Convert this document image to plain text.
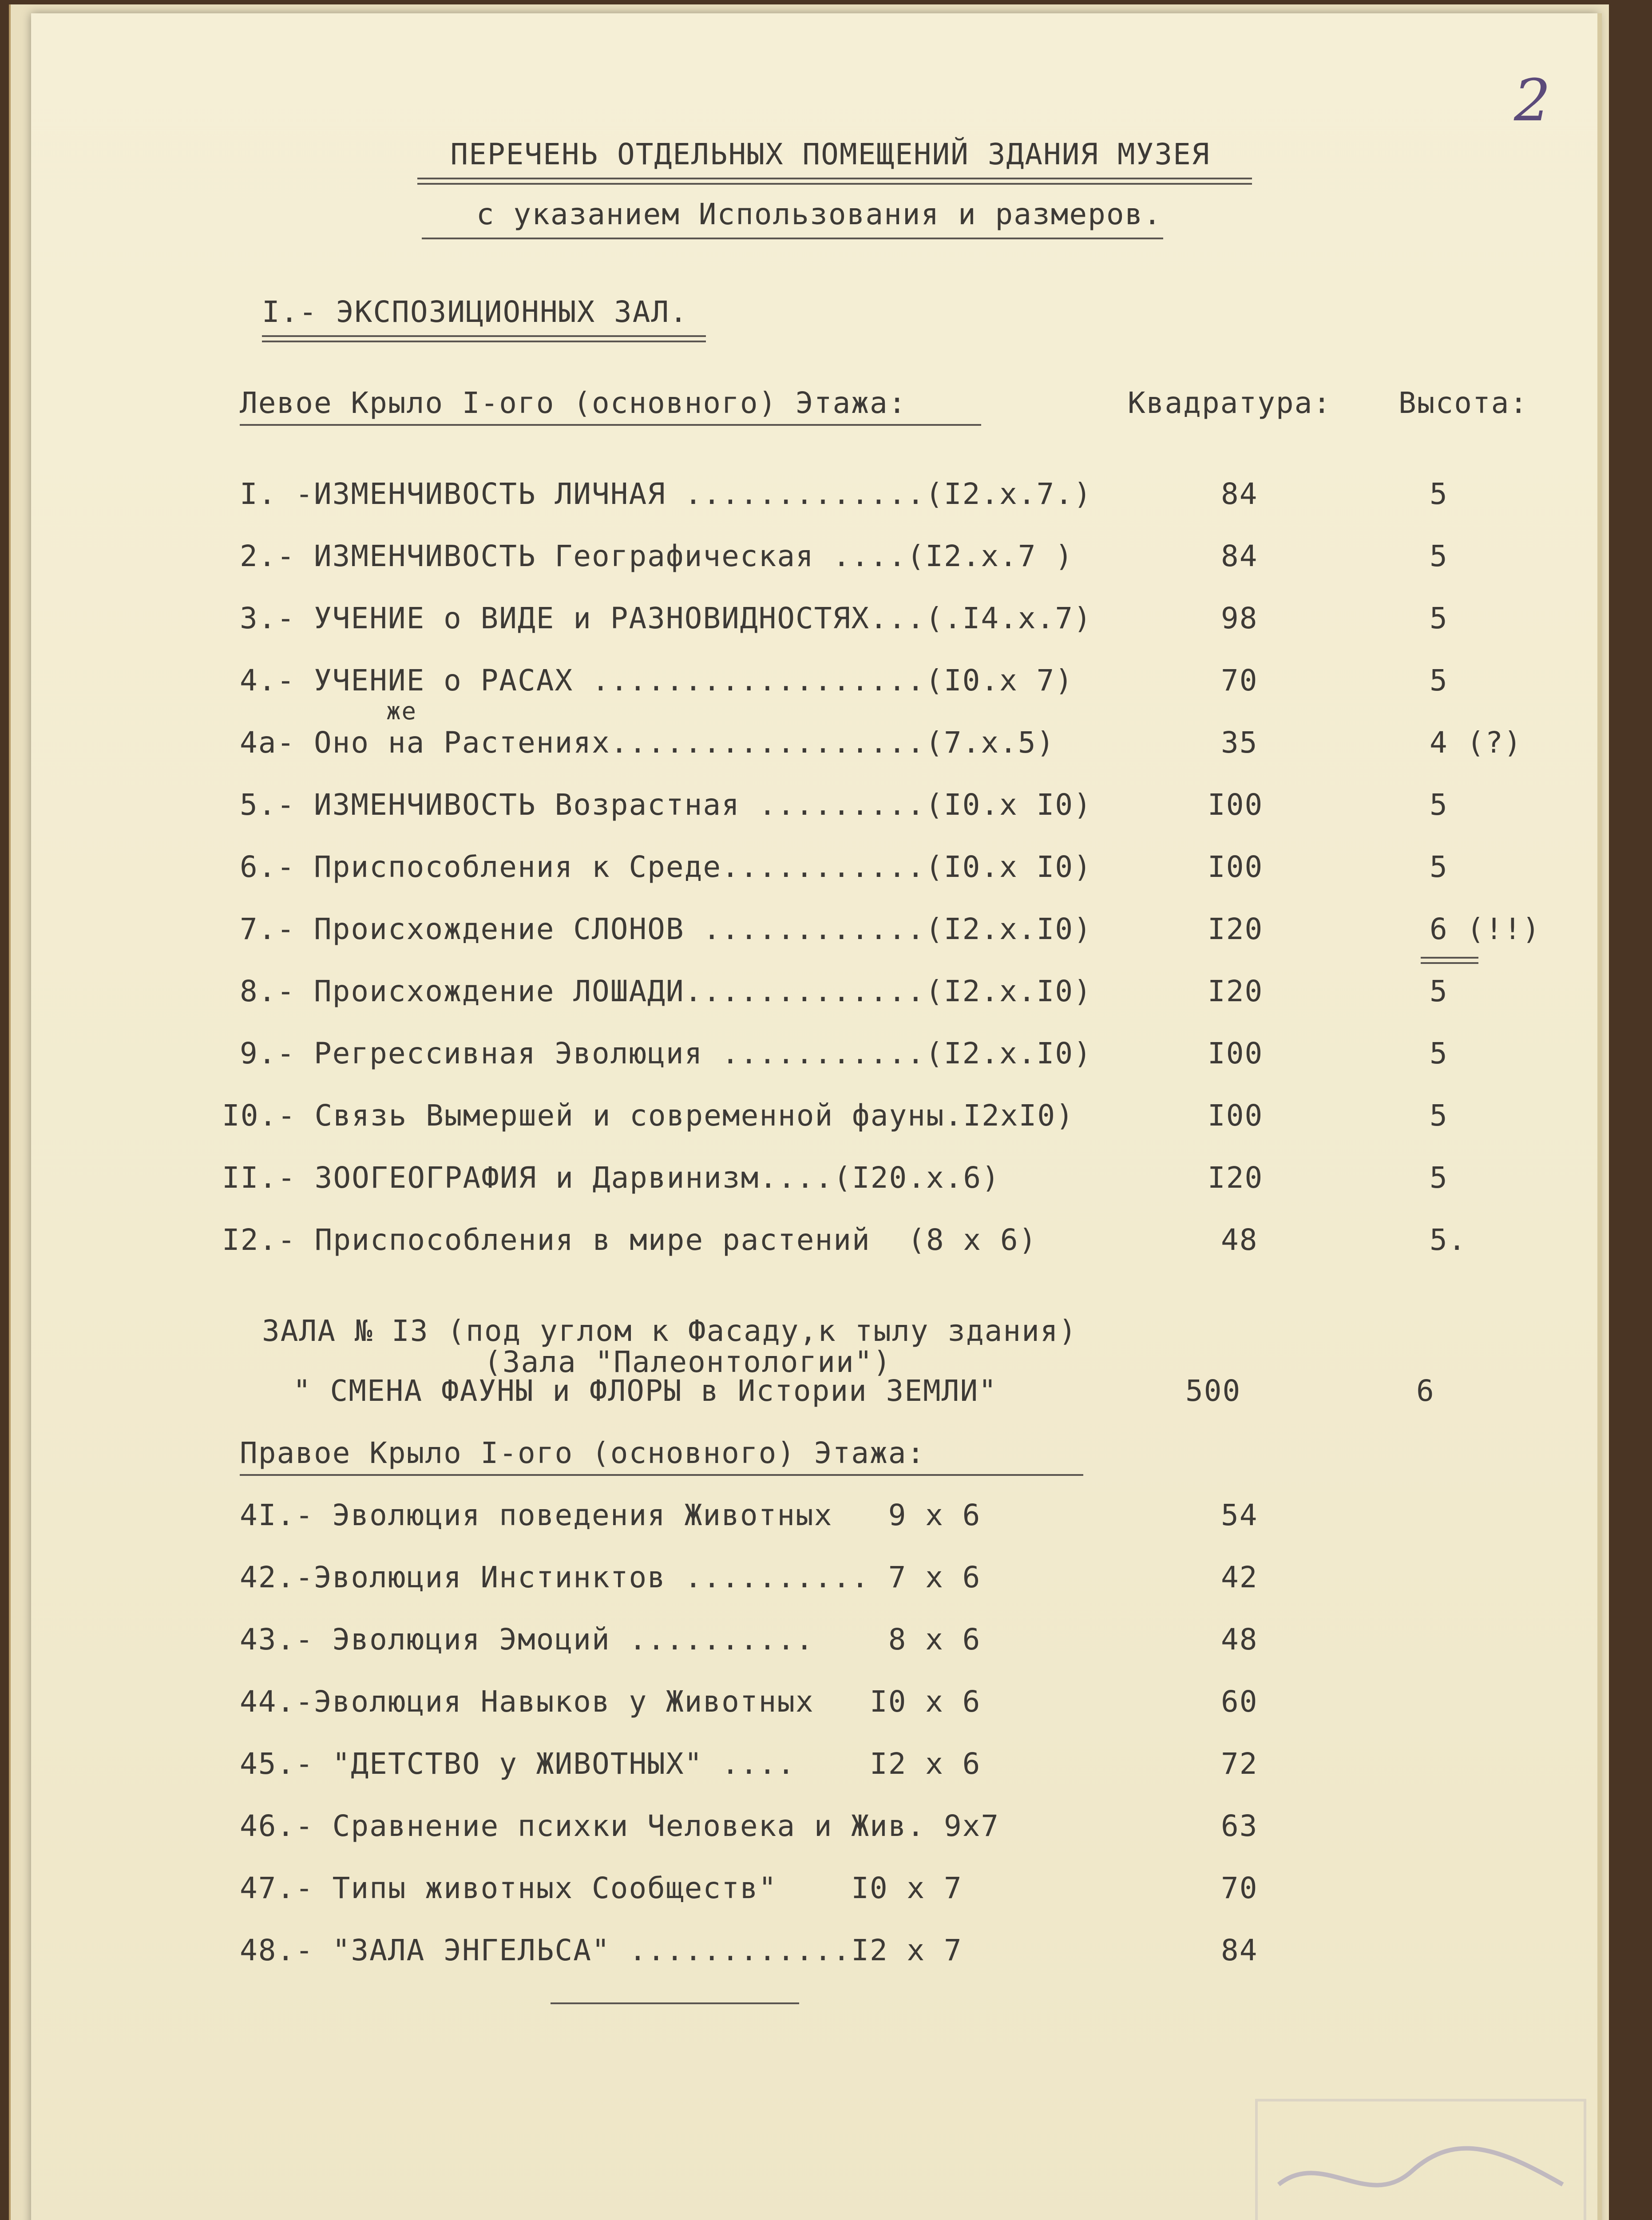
2
ПЕРЕЧЕНЬ ОТДЕЛЬНЫХ ПОМЕЩЕНИЙ ЗДАНИЯ МУЗЕЯ
с указанием Использования и размеров.
I.- ЭКСПОЗИЦИОННЫХ ЗАЛ.
Левое Крыло I-ого (основного) Этажа:	Квадратура: Высота:
I. -ИЗМЕНЧИВОСТЬ ЛИЧНАЯ .............(I2.x.7.)	84	5
2.- ИЗМЕНЧИВОСТЬ Географическая ....(I2.x.7 )	84	5
3.- УЧЕНИЕ о ВИДЕ и РАЗНОВИДНОСТЯХ...(.I4.x.7)	98	5
4.- УЧЕНИЕ о РАСАХ ..................(I0.x 7)	70	5
же
4a- Оно на Растениях.................(7.x.5)	35	4 (?)
5.- ИЗМЕНЧИВОСТЬ Возрастная .........(I0.x I0)	I00	5
6.- Приспособления к Среде...........(I0.x I0)	I00	5
7.- Происхождение СЛОНОВ ............(I2.x.I0)	I20	6 (!!)
8.- Происхождение ЛОШАДИ.............(I2.x.I0)	I20	5
9.- Регрессивная Эволюция ...........(I2.x.I0)	I00	5
I0.- Связь Вымершей и современной фауны.I2xI0)	I00	5
II.- ЗООГЕОГРАФИЯ и Дарвинизм....(I20.x.6)	I20	5
I2.- Приспособления в мире растений  (8 x 6)	48	5.
ЗАЛА № I3 (под углом к Фасаду,к тылу здания)
(Зала "Палеонтологии")
" СМЕНА ФАУНЫ и ФЛОРЫ в Истории ЗЕМЛИ"	500	6
Правое Крыло I-ого (основного) Этажа:
4I.- Эволюция поведения Животных   9 x 6	54
42.-Эволюция Инстинктов .......... 7 x 6	42
43.- Эволюция Эмоций ..........    8 x 6	48
44.-Эволюция Навыков у Животных   I0 x 6	60
45.- "ДЕТСТВО у ЖИВОТНЫХ" ....    I2 x 6	72
46.- Сравнение психки Человека и Жив. 9x7	63
47.- Типы животных Сообществ"    I0 x 7	70
48.- "ЗАЛА ЭНГЕЛЬСА" ............I2 x 7	84
